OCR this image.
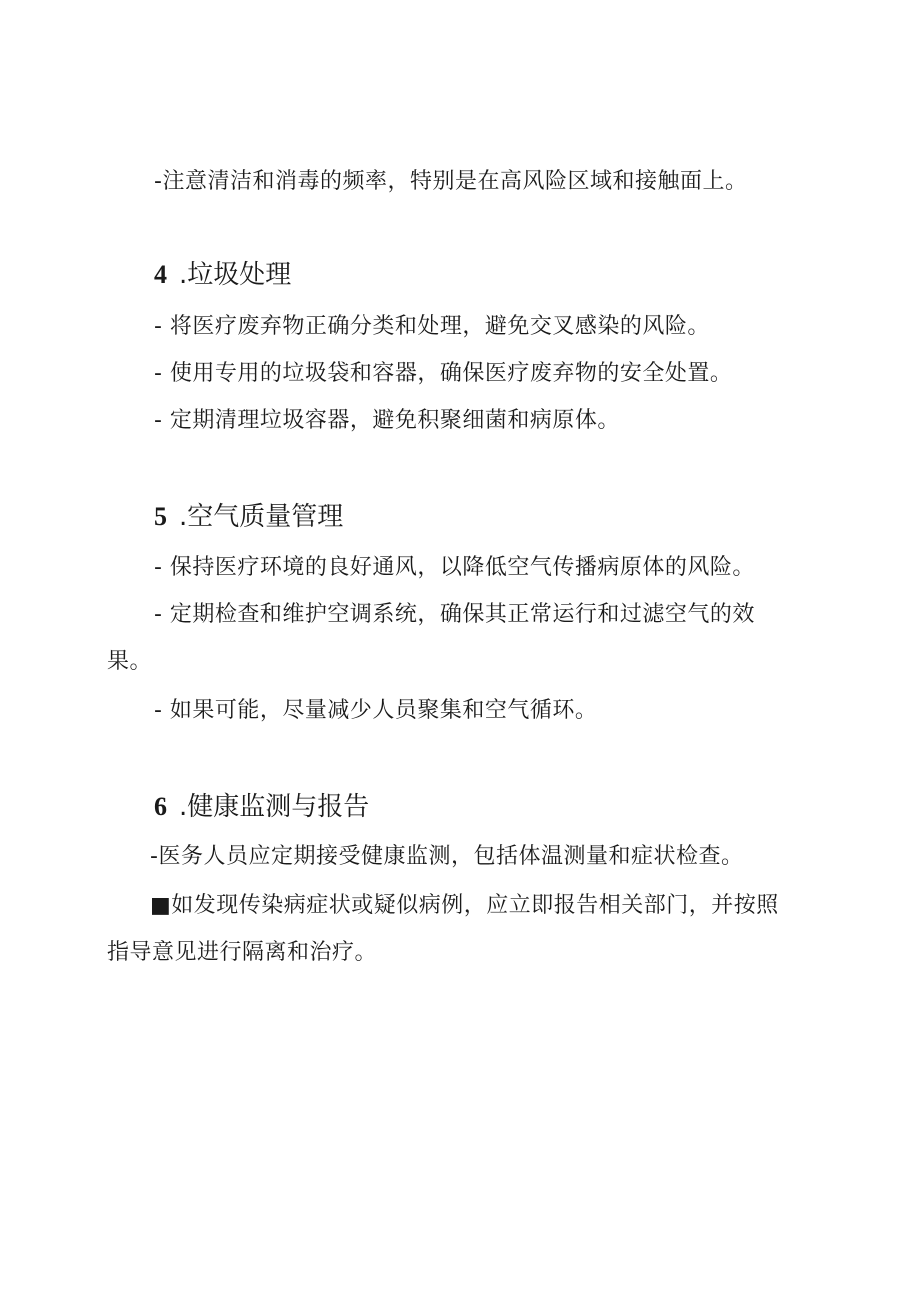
-注意清洁和消毒的频率，特别是在高风险区域和接触面上。
4 .垃圾处理
- 将医疗废弃物正确分类和处理，避免交叉感染的风险。
- 使用专用的垃圾袋和容器，确保医疗废弃物的安全处置。
- 定期清理垃圾容器，避免积聚细菌和病原体。
5 .空气质量管理
- 保持医疗环境的良好通风，以降低空气传播病原体的风险。
- 定期检查和维护空调系统，确保其正常运行和过滤空气的效
果。
- 如果可能，尽量减少人员聚集和空气循环。
6 .健康监测与报告
-医务人员应定期接受健康监测，包括体温测量和症状检查。
■如发现传染病症状或疑似病例，应立即报告相关部门，并按照
指导意见进行隔离和治疗。
